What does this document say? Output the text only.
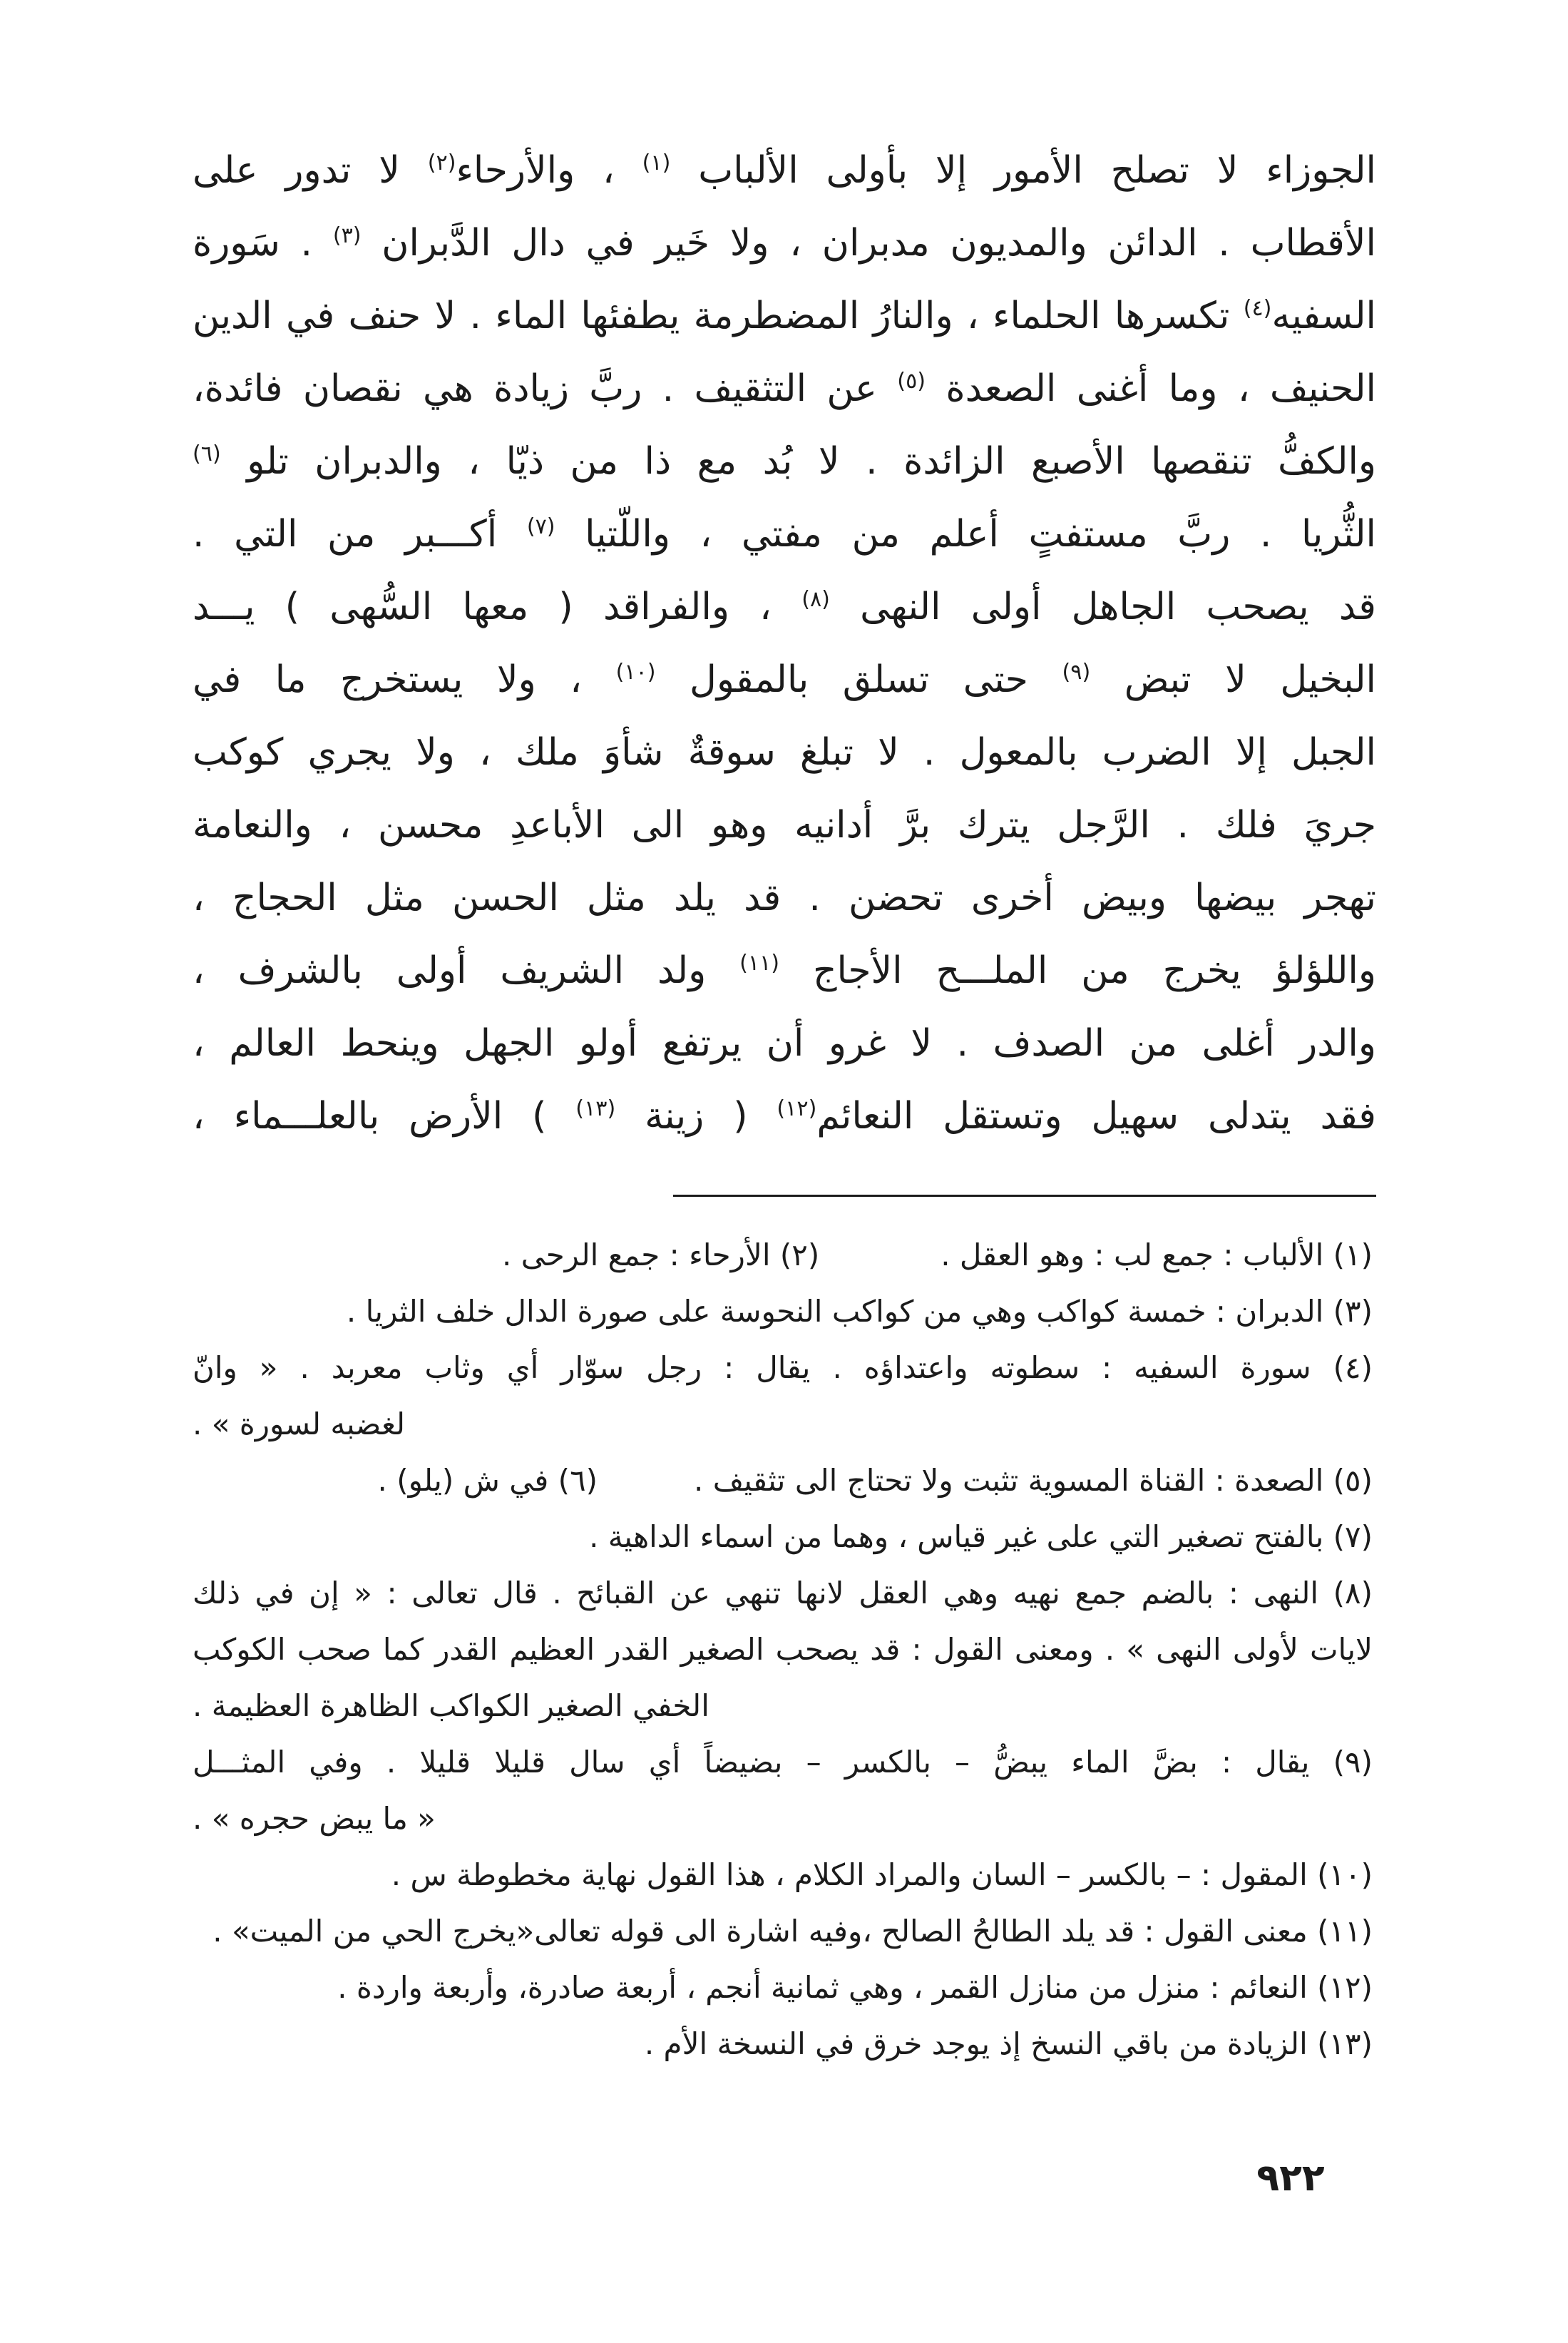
الجوزاء لا تصلح الأمور إلا بأولى الألباب $^{(١)}$ ، والأرحاء$^{(٢)}$ لا تدور على
الأقطاب . الدائن والمديون مدبران ، ولا خَير في دال الدَّبران $^{(٣)}$ . سَورة
السفيه$^{(٤)}$ تكسرها الحلماء ، والنارُ المضطرمة يطفئها الماء . لا حنف في الدين
الحنيف ، وما أغنى الصعدة $^{(٥)}$ عن التثقيف . ربَّ زيادة هي نقصان فائدة،
والكفُّ تنقصها الأصبع الزائدة . لا بُد مع ذا من ذيّا ، والدبران تلو $^{(٦)}$
الثُّريا . ربَّ مستفتٍ أعلم من مفتي ، واللّتيا $^{(٧)}$ أكـــبر من التي .
قد يصحب الجاهل أولى النهى $^{(٨)}$ ، والفراقد ( معها السُّهى ) يـــد
البخيل لا تبض $^{(٩)}$ حتى تسلق بالمقول $^{(١٠)}$ ، ولا يستخرج ما في
الجبل إلا الضرب بالمعول . لا تبلغ سوقةٌ شأوَ ملك ، ولا يجري كوكب
جريَ فلك . الرَّجل يترك برَّ أدانيه وهو الى الأباعدِ محسن ، والنعامة
تهجر بيضها وبيض أخرى تحضن . قد يلد مثل الحسن مثل الحجاج ،
واللؤلؤ يخرج من الملـــح الأجاج $^{(١١)}$ ولد الشريف أولى بالشرف ،
والدر أغلى من الصدف . لا غرو أن يرتفع أولو الجهل وينحط العالم ،
فقد يتدلى سهيل وتستقل النعائم$^{(١٢)}$ ( زينة $^{(١٣)}$ ) الأرض بالعلـــماء ،
(١) الألباب : جمع لب : وهو العقل .
(٢) الأرحاء : جمع الرحى .
(٣) الدبران : خمسة كواكب وهي من كواكب النحوسة على صورة الدال خلف الثريا .
(٤) سورة السفيه : سطوته واعتداؤه . يقال : رجل سوّار أي وثاب معربد . « وانّ
لغضبه لسورة » .
(٥) الصعدة : القناة المسوية تثبت ولا تحتاج الى تثقيف .
(٦) في ش (يلو) .
(٧) بالفتح تصغير التي على غير قياس ، وهما من اسماء الداهية .
(٨) النهى : بالضم جمع نهيه وهي العقل لانها تنهي عن القبائح . قال تعالى : « إن في ذلك
لايات لأولى النهى » . ومعنى القول : قد يصحب الصغير القدر العظيم القدر كما صحب الكوكب
الخفي الصغير الكواكب الظاهرة العظيمة .
(٩) يقال : بضَّ الماء يبضُّ – بالكسر – بضيضاً أي سال قليلا قليلا . وفي المثـــل
« ما يبض حجره » .
(١٠) المقول : – بالكسر – السان والمراد الكلام ، هذا القول نهاية مخطوطة س .
(١١) معنى القول : قد يلد الطالحُ الصالح ،وفيه اشارة الى قوله تعالى«يخرج الحي من الميت» .
(١٢) النعائم : منزل من منازل القمر ، وهي ثمانية أنجم ، أربعة صادرة، وأربعة واردة .
(١٣) الزيادة من باقي النسخ إذ يوجد خرق في النسخة الأم .
٩٢٢
